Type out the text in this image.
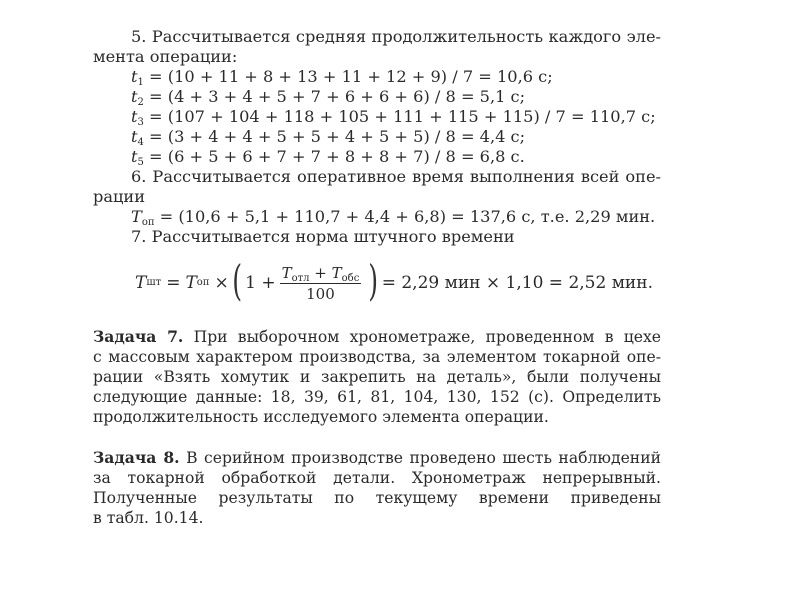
5. Рассчитывается средняя продолжительность каждого эле-
мента операции:
$t_1 = (10 + 11 + 8 + 13 + 11 + 12 + 9) / 7 = 10,6$ с;
$t_2 = (4 + 3 + 4 + 5 + 7 + 6 + 6 + 6) / 8 = 5,1$ с;
$t_3 = (107 + 104 + 118 + 105 + 111 + 115 + 115) / 7 = 110,7$ с;
$t_4 = (3 + 4 + 4 + 5 + 5 + 4 + 5 + 5) / 8 = 4,4$ с;
$t_5 = (6 + 5 + 6 + 7 + 7 + 8 + 8 + 7) / 8 = 6,8$ с.
6. Рассчитывается оперативное время выполнения всей опе-
рации
$T_{оп} = (10,6 + 5,1 + 110,7 + 4,4 + 6,8) = 137,6$ с, т.е. 2,29 мин.
7. Рассчитывается норма штучного времени
T шт = T оп × ( $1 + \frac{T_{отл} + T_{обс}}{100}$ ) = 2,29 мин × 1,10 = 2,52 мин.
Задача 7. При выборочном хронометраже, проведенном в цехе
с массовым характером производства, за элементом токарной опе-
рации «Взять хомутик и закрепить на деталь», были получены
следующие данные: 18, 39, 61, 81, 104, 130, 152 (с). Определить
продолжительность исследуемого элемента операции.
Задача 8. В серийном производстве проведено шесть наблюдений
за токарной обработкой детали. Хронометраж непрерывный.
Полученные результаты по текущему времени приведены
в табл. 10.14.
